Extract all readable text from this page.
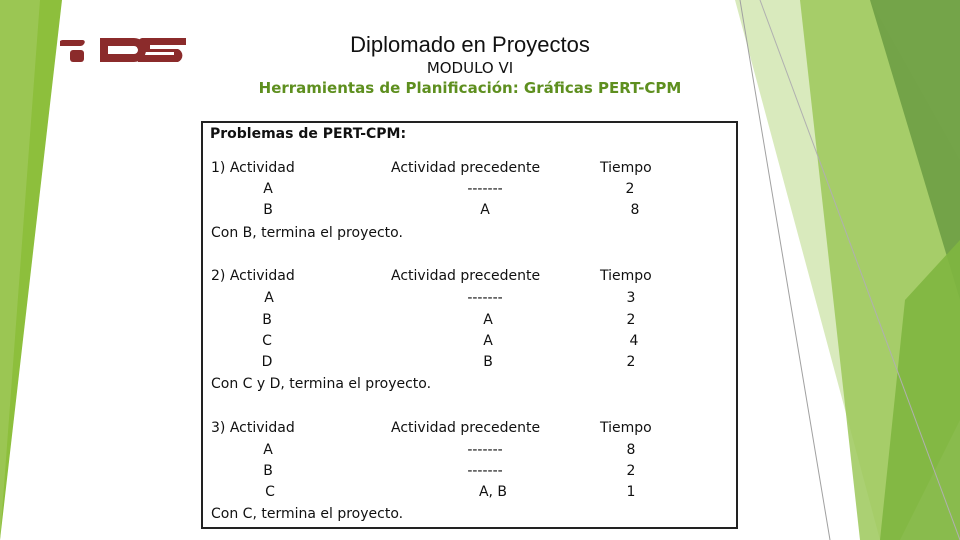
Diplomado en Proyectos
MODULO VI
Herramientas de Planificación: Gráficas PERT-CPM
Problemas de PERT-CPM:
1) Actividad	Actividad precedente	Tiempo
A	-------	2
B	A	8
Con B, termina el proyecto.
2) Actividad	Actividad precedente	Tiempo
A	-------	3
B	A	2
C	A	4
D	B	2
Con C y D, termina el proyecto.
3) Actividad	Actividad precedente	Tiempo
A	-------	8
B	-------	2
C	A, B	1
Con C, termina el proyecto.
